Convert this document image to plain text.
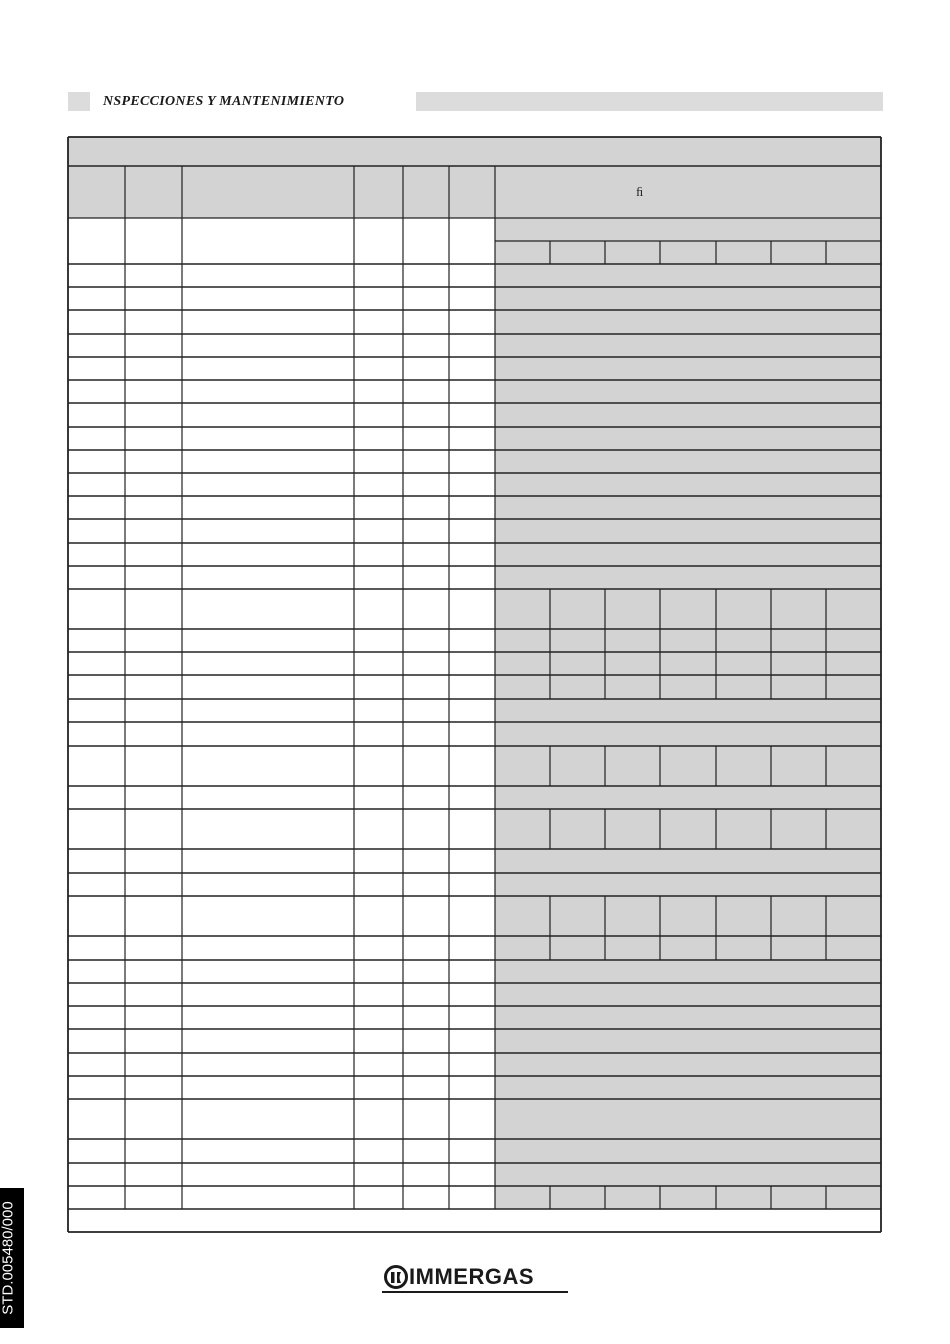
NSPECCIONES Y MANTENIMIENTO
ﬁ
STD.005480/000	IMMERGAS
